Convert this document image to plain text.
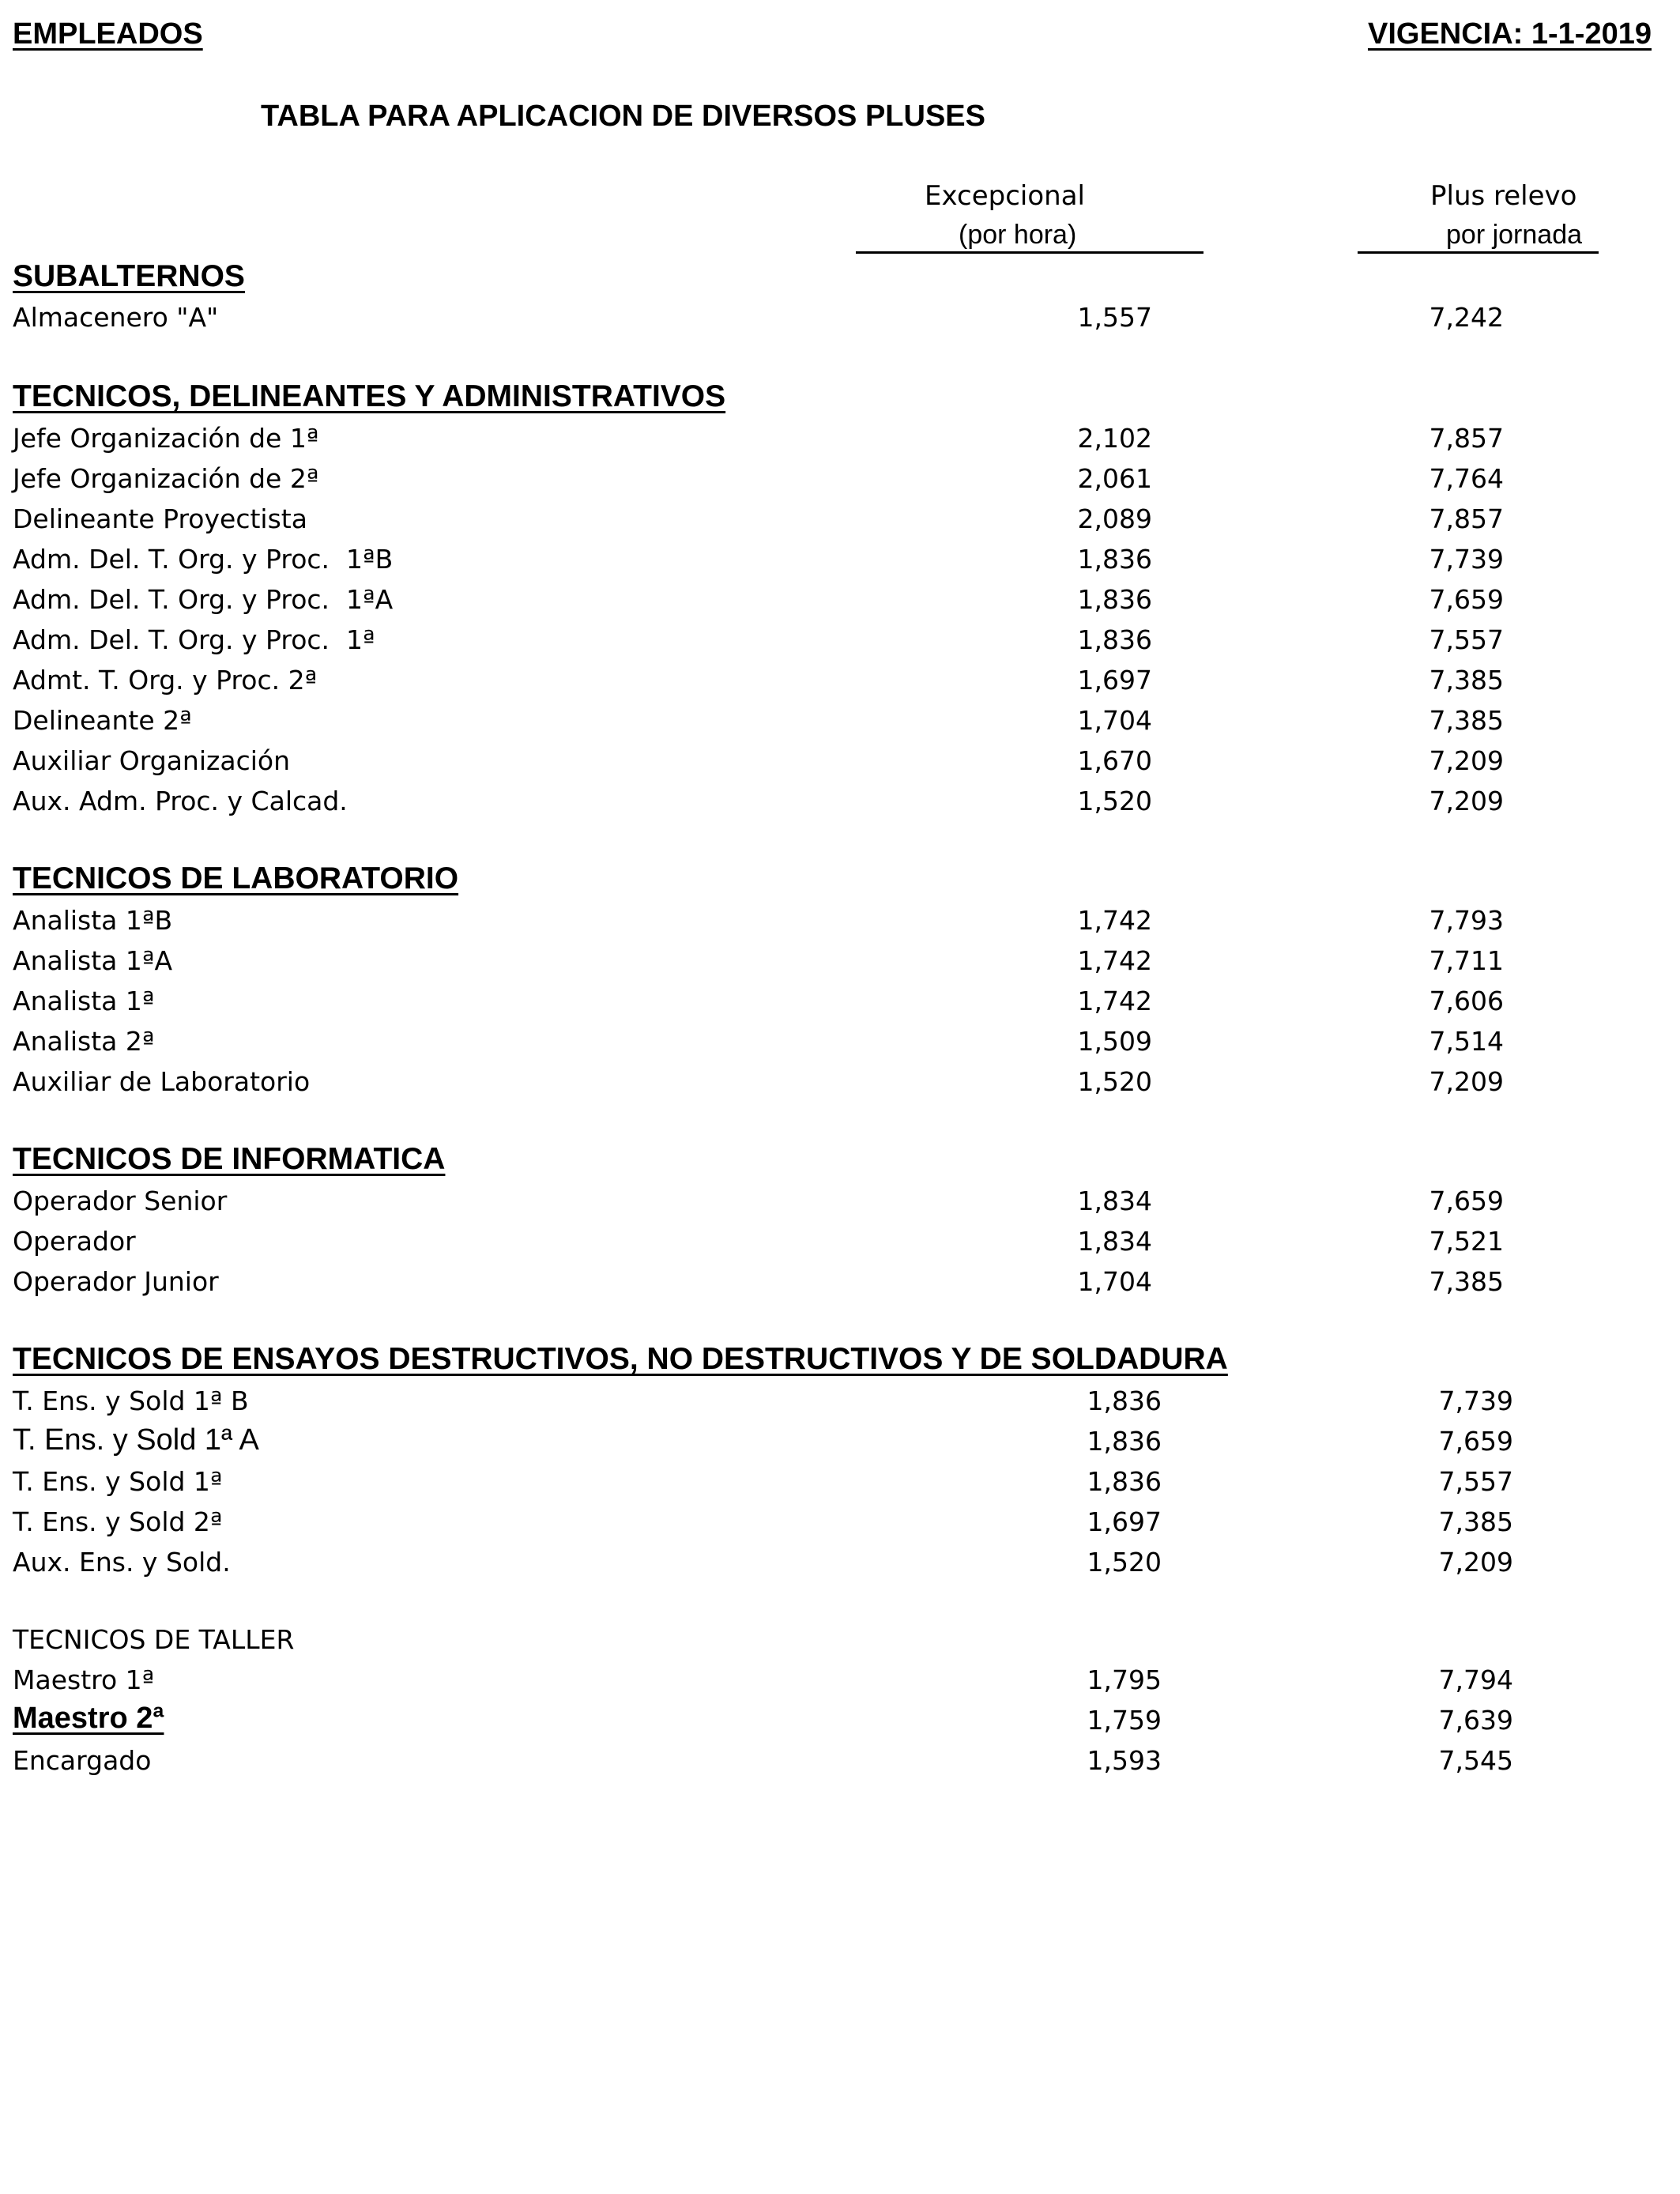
EMPLEADOS	VIGENCIA: 1-1-2019
TABLA PARA APLICACION DE DIVERSOS PLUSES
Excepcional
(por hora)
Plus relevo
por jornada
SUBALTERNOS
Almacenero "A"	1,557	7,242
TECNICOS, DELINEANTES Y ADMINISTRATIVOS
Jefe Organización de 1ª	2,102	7,857
Jefe Organización de 2ª	2,061	7,764
Delineante Proyectista	2,089	7,857
Adm. Del. T. Org. y Proc.  1ªB	1,836	7,739
Adm. Del. T. Org. y Proc.  1ªA	1,836	7,659
Adm. Del. T. Org. y Proc.  1ª	1,836	7,557
Admt. T. Org. y Proc. 2ª	1,697	7,385
Delineante 2ª	1,704	7,385
Auxiliar Organización	1,670	7,209
Aux. Adm. Proc. y Calcad.	1,520	7,209
TECNICOS DE LABORATORIO
Analista 1ªB	1,742	7,793
Analista 1ªA	1,742	7,711
Analista 1ª	1,742	7,606
Analista 2ª	1,509	7,514
Auxiliar de Laboratorio	1,520	7,209
TECNICOS DE INFORMATICA
Operador Senior	1,834	7,659
Operador	1,834	7,521
Operador Junior	1,704	7,385
TECNICOS DE ENSAYOS DESTRUCTIVOS, NO DESTRUCTIVOS Y DE SOLDADURA
T. Ens. y Sold 1ª B	1,836	7,739
T. Ens. y Sold 1ª A	1,836	7,659
T. Ens. y Sold 1ª	1,836	7,557
T. Ens. y Sold 2ª	1,697	7,385
Aux. Ens. y Sold.	1,520	7,209
TECNICOS DE TALLER
Maestro 1ª	1,795	7,794
Maestro 2ª	1,759	7,639
Encargado	1,593	7,545
